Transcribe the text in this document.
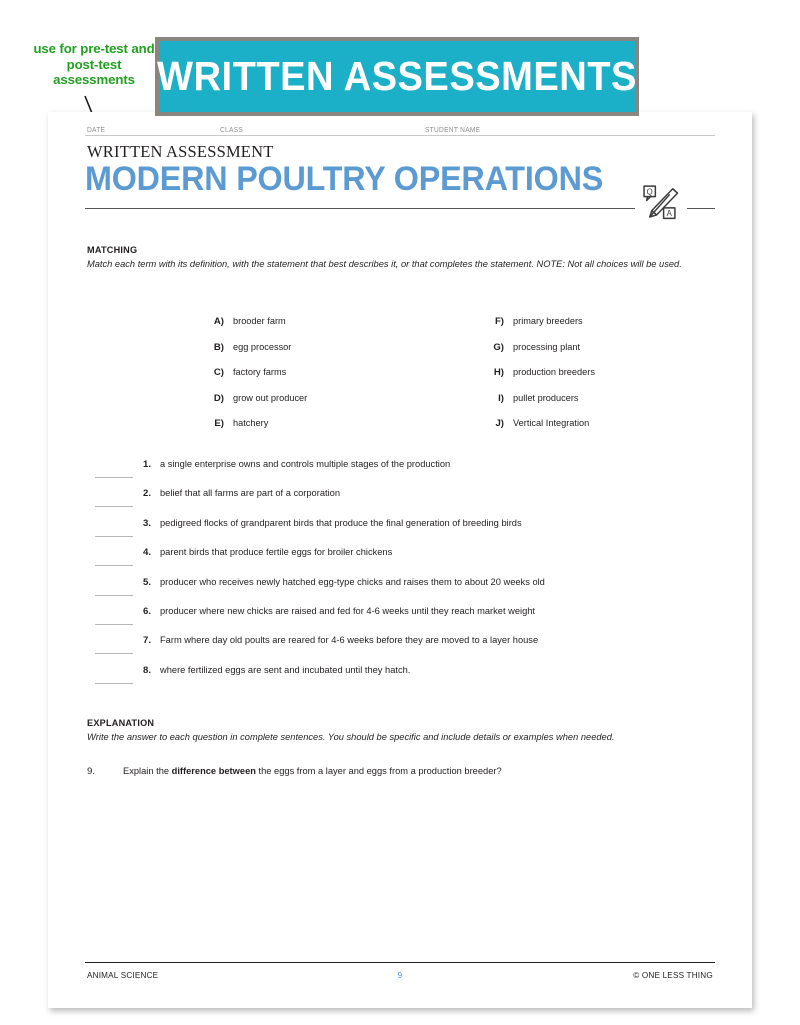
use for pre-test and post-test assessments WRITTEN ASSESSMENTS
DATE	CLASS	STUDENT NAME
WRITTEN ASSESSMENT
MODERN POULTRY OPERATIONS	Q
A
MATCHING
Match each term with its definition, with the statement that best describes it, or that completes the statement. NOTE: Not all choices will be used.
A) brooder farm
B) egg processor
C) factory farms
D) grow out producer
E) hatchery
F) primary breeders
G) processing plant
H) production breeders
I) pullet producers
J) Vertical Integration
1. a single enterprise owns and controls multiple stages of the production
2. belief that all farms are part of a corporation
3. pedigreed flocks of grandparent birds that produce the final generation of breeding birds
4. parent birds that produce fertile eggs for broiler chickens
5. producer who receives newly hatched egg-type chicks and raises them to about 20 weeks old
6. producer where new chicks are raised and fed for 4-6 weeks until they reach market weight
7. Farm where day old poults are reared for 4-6 weeks before they are moved to a layer house
8. where fertilized eggs are sent and incubated until they hatch.
EXPLANATION
Write the answer to each question in complete sentences. You should be specific and include details or examples when needed.
9.	Explain the difference between the eggs from a layer and eggs from a production breeder?
ANIMAL SCIENCE	9	© ONE LESS THING
